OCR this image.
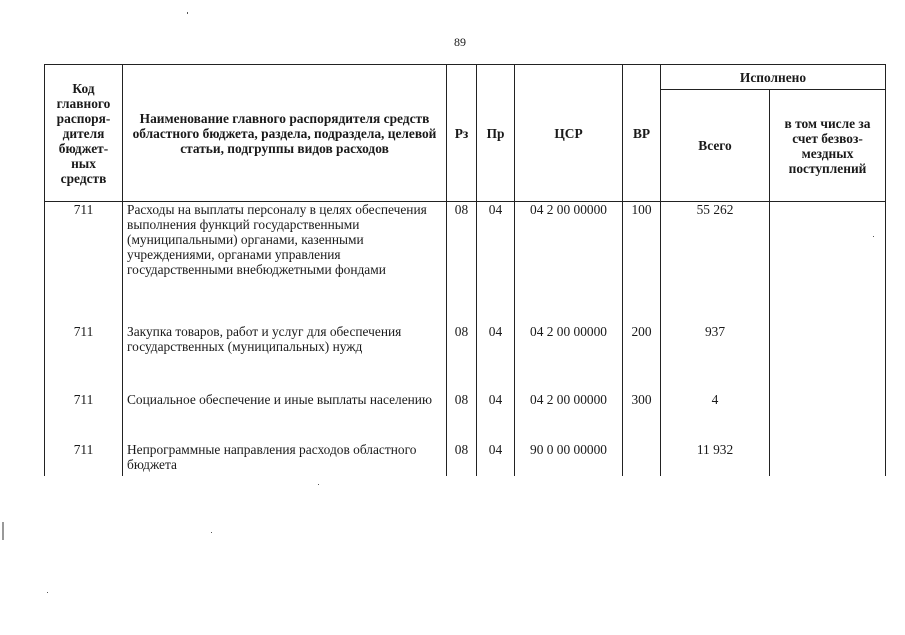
89
Код главного распоря-дителя бюджет-ных средств	Наименование главного распорядителя средств областного бюджета, раздела, подраздела, целевой статьи, подгруппы видов расходов	Рз	Пр	ЦСР	ВР	Исполнено	
						Всего	в том числе за счет безвоз-мездных поступлений
711	Расходы на выплаты персоналу в целях обеспечения выполнения функций государственными (муниципальными) органами, казенными учреждениями, органами управления государственными внебюджетными фондами	08	04	04 2 00 00000	100	55 262	

711	Закупка товаров, работ и услуг для обеспечения государственных (муниципальных) нужд	08	04	04 2 00 00000	200	937	

711	Социальное обеспечение и иные выплаты населению	08	04	04 2 00 00000	300	4	

711	Непрограммные направления расходов областного бюджета	08	04	90 0 00 00000		11 932	
